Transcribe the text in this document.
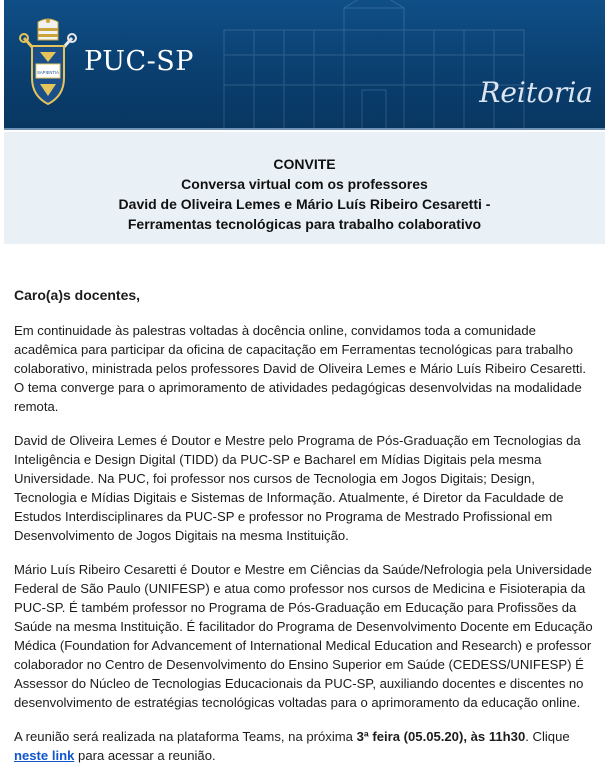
SAPIENTIA PUC-SP
Reitoria
CONVITE
Conversa virtual com os professores
David de Oliveira Lemes e Mário Luís Ribeiro Cesaretti -
Ferramentas tecnológicas para trabalho colaborativo
Caro(a)s docentes,

Em continuidade às palestras voltadas à docência online, convidamos toda a comunidade acadêmica para participar da oficina de capacitação em Ferramentas tecnológicas para trabalho colaborativo, ministrada pelos professores David de Oliveira Lemes e Mário Luís Ribeiro Cesaretti. O tema converge para o aprimoramento de atividades pedagógicas desenvolvidas na modalidade remota.

David de Oliveira Lemes é Doutor e Mestre pelo Programa de Pós-Graduação em Tecnologias da Inteligência e Design Digital (TIDD) da PUC-SP e Bacharel em Mídias Digitais pela mesma Universidade. Na PUC, foi professor nos cursos de Tecnologia em Jogos Digitais; Design, Tecnologia e Mídias Digitais e Sistemas de Informação. Atualmente, é Diretor da Faculdade de Estudos Interdisciplinares da PUC-SP e professor no Programa de Mestrado Profissional em Desenvolvimento de Jogos Digitais na mesma Instituição.

Mário Luís Ribeiro Cesaretti é Doutor e Mestre em Ciências da Saúde/Nefrologia pela Universidade Federal de São Paulo (UNIFESP) e atua como professor nos cursos de Medicina e Fisioterapia da PUC-SP. É também professor no Programa de Pós-Graduação em Educação para Profissões da Saúde na mesma Instituição. É facilitador do Programa de Desenvolvimento Docente em Educação Médica (Foundation for Advancement of International Medical Education and Research) e professor colaborador no Centro de Desenvolvimento do Ensino Superior em Saúde (CEDESS/UNIFESP) É Assessor do Núcleo de Tecnologias Educacionais da PUC-SP, auxiliando docentes e discentes no desenvolvimento de estratégias tecnológicas voltadas para o aprimoramento da educação online.

A reunião será realizada na plataforma Teams, na próxima 3ª feira (05.05.20), às 11h30. Clique neste link para acessar a reunião.
